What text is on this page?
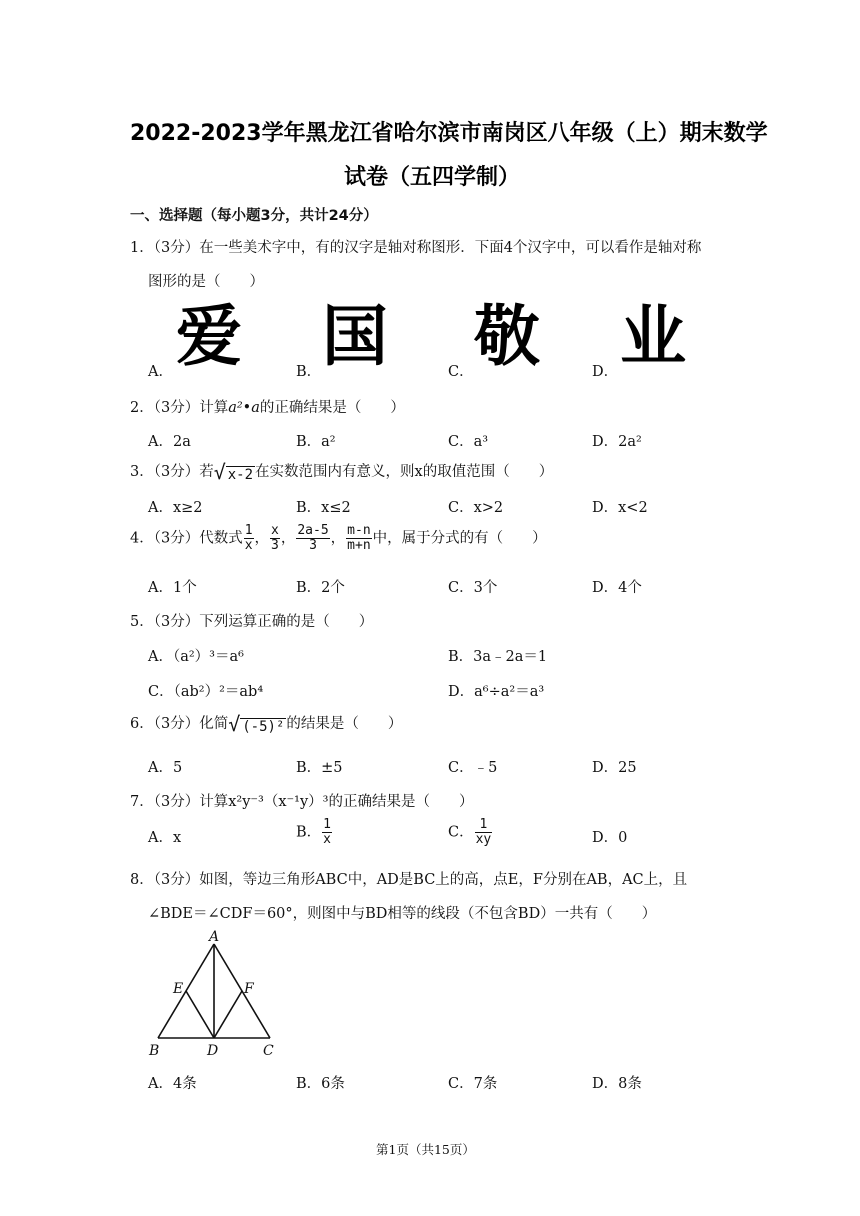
2022-2023学年黑龙江省哈尔滨市南岗区八年级（上）期末数学
试卷（五四学制）
一、选择题（每小题3分，共计24分）
1．（3分）在一些美术字中，有的汉字是轴对称图形．下面4个汉字中，可以看作是轴对称
图形的是（　　）
A． 爱	B． 国	C． 敬	D． 业
2．（3分）计算a²•a的正确结果是（　　）
A．2a	B．a²	C．a³	D．2a²
3．（3分）若√ x-2 在实数范围内有意义，则x的取值范围（　　）
A．x≥2	B．x≤2	C．x>2	D．x<2
4．（3分）代数式 $\frac{1}{x}$ ， $\frac{x}{3}$ ， $\frac{2a-5}{3}$ ， $\frac{m-n}{m+n}$ 中，属于分式的有（　　）
A．1个	B．2个	C．3个	D．4个
5．（3分）下列运算正确的是（　　）
A．（a²）³＝a⁶	B．3a﹣2a＝1
C．（ab²）²＝ab⁴	D．a⁶÷a²＝a³
6．（3分）化简√ (-5)² 的结果是（　　）
A．5	B．±5	C．﹣5	D．25
7．（3分）计算x²y⁻³（x⁻¹y）³的正确结果是（　　）
A．x	B． $\frac{1}{x}$	C． $\frac{1}{xy}$	D．0
8．（3分）如图，等边三角形ABC中，AD是BC上的高，点E，F分别在AB，AC上，且
∠BDE＝∠CDF＝60°，则图中与BD相等的线段（不包含BD）一共有（　　）
A
E	F
B	D	C
A．4条	B．6条	C．7条	D．8条
第1页（共15页）
